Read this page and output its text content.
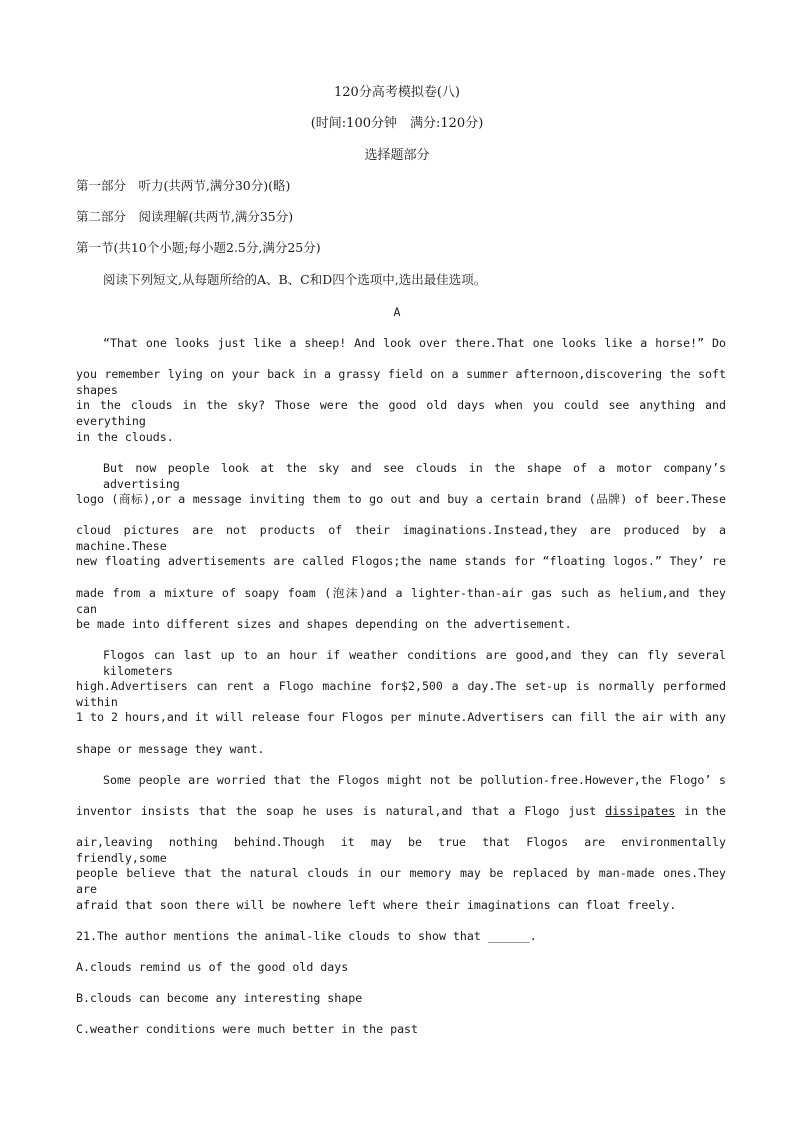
120分高考模拟卷(八)
(时间:100分钟　满分:120分)
选择题部分
第一部分　听力(共两节,满分30分)(略)
第二部分　阅读理解(共两节,满分35分)
第一节(共10个小题;每小题2.5分,满分25分)
阅读下列短文,从每题所给的A、B、C和D四个选项中,选出最佳选项。
A
“That one looks just like a sheep! And look over there.That one looks like a horse!” Do
you remember lying on your back in a grassy field on a summer afternoon,discovering the soft shapes
in the clouds in the sky? Those were the good old days when you could see anything and everything
in the clouds.
But now people look at the sky and see clouds in the shape of a motor company’s advertising
logo (商标),or a message inviting them to go out and buy a certain brand (品牌) of beer.These
cloud pictures are not products of their imaginations.Instead,they are produced by a machine.These
new floating advertisements are called Flogos;the name stands for “floating logos.” They’ re
made from a mixture of soapy foam (泡沫)and a lighter-than-air gas such as helium,and they can
be made into different sizes and shapes depending on the advertisement.
Flogos can last up to an hour if weather conditions are good,and they can fly several kilometers
high.Advertisers can rent a Flogo machine for$2,500 a day.The set-up is normally performed within
1 to 2 hours,and it will release four Flogos per minute.Advertisers can fill the air with any
shape or message they want.
Some people are worried that the Flogos might not be pollution-free.However,the Flogo’ s
inventor insists that the soap he uses is natural,and that a Flogo just dissipates in the
air,leaving nothing behind.Though it may be true that Flogos are environmentally friendly,some
people believe that the natural clouds in our memory may be replaced by man-made ones.They are
afraid that soon there will be nowhere left where their imaginations can float freely.
21.The author mentions the animal-like clouds to show that ______.
A.clouds remind us of the good old days
B.clouds can become any interesting shape
C.weather conditions were much better in the past
